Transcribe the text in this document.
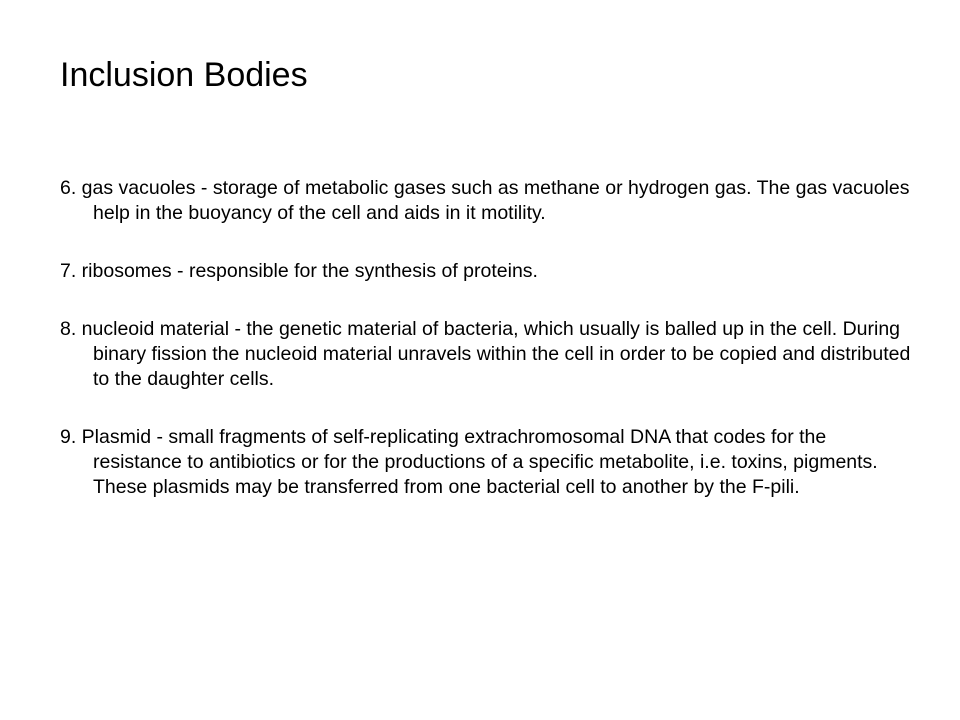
Inclusion Bodies
6. gas vacuoles - storage of metabolic gases such as methane or hydrogen gas. The gas vacuoles help in the buoyancy of the cell and aids in it motility.
7. ribosomes - responsible for the synthesis of proteins.
8. nucleoid material - the genetic material of bacteria, which usually is balled up in the cell. During binary fission the nucleoid material unravels within the cell in order to be copied and distributed to the daughter cells.
9. Plasmid - small fragments of self-replicating extrachromosomal DNA that codes for the resistance to antibiotics or for the productions of a specific metabolite, i.e. toxins, pigments. These plasmids may be transferred from one bacterial cell to another by the F-pili.
